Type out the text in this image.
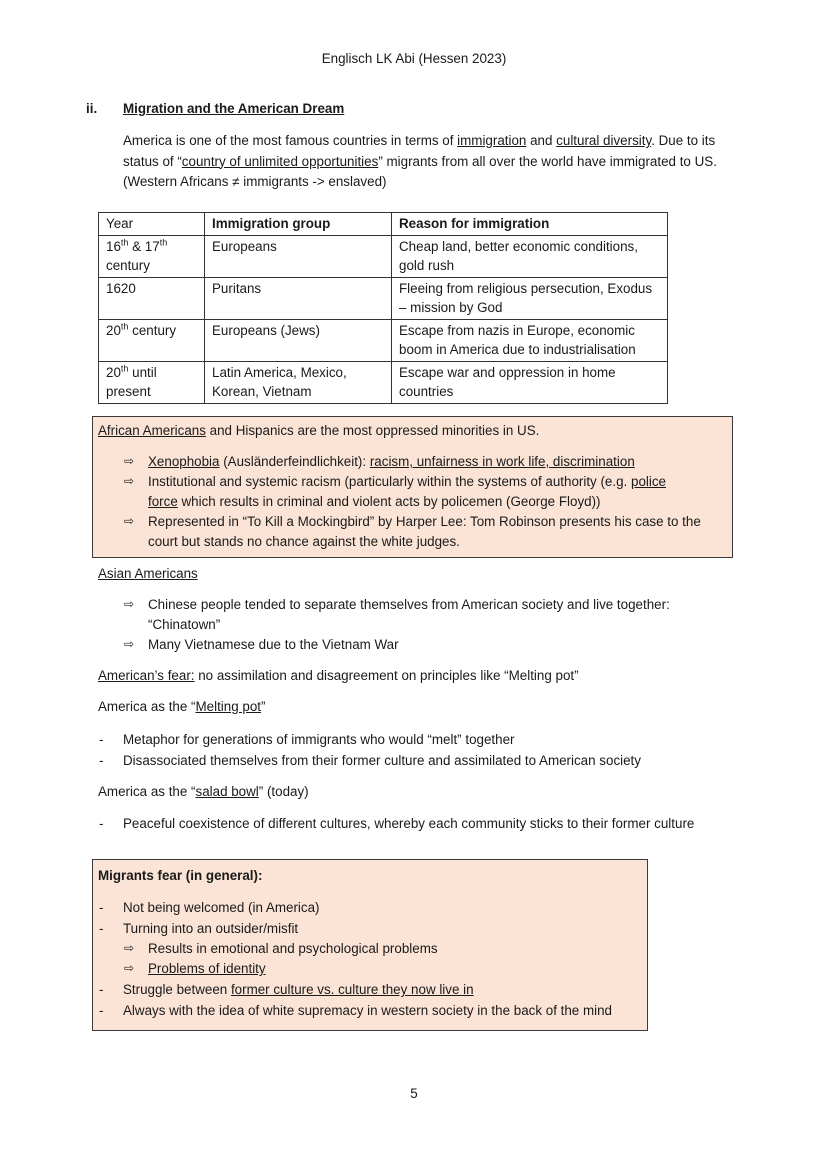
Englisch LK Abi (Hessen 2023)
ii. Migration and the American Dream
America is one of the most famous countries in terms of immigration and cultural diversity. Due to its status of “country of unlimited opportunities” migrants from all over the world have immigrated to US. (Western Africans ≠ immigrants -> enslaved)
Year	Immigration group	Reason for immigration
16th & 17th century	Europeans	Cheap land, better economic conditions, gold rush
1620	Puritans	Fleeing from religious persecution, Exodus – mission by God
20th century	Europeans (Jews)	Escape from nazis in Europe, economic boom in America due to industrialisation
20th until present	Latin America, Mexico, Korean, Vietnam	Escape war and oppression in home countries
African Americans and Hispanics are the most oppressed minorities in US.
⇨ Xenophobia (Ausländerfeindlichkeit): racism, unfairness in work life, discrimination
⇨ Institutional and systemic racism (particularly within the systems of authority (e.g. police
force which results in criminal and violent acts by policemen (George Floyd))
⇨ Represented in “To Kill a Mockingbird” by Harper Lee: Tom Robinson presents his case to the
court but stands no chance against the white judges.
Asian Americans
⇨ Chinese people tended to separate themselves from American society and live together:
“Chinatown”
⇨ Many Vietnamese due to the Vietnam War
American’s fear: no assimilation and disagreement on principles like “Melting pot”
America as the “Melting pot”
- Metaphor for generations of immigrants who would “melt” together
- Disassociated themselves from their former culture and assimilated to American society
America as the “salad bowl” (today)
- Peaceful coexistence of different cultures, whereby each community sticks to their former culture
Migrants fear (in general):
- Not being welcomed (in America)
- Turning into an outsider/misfit
⇨ Results in emotional and psychological problems
⇨ Problems of identity
- Struggle between former culture vs. culture they now live in
- Always with the idea of white supremacy in western society in the back of the mind
5
